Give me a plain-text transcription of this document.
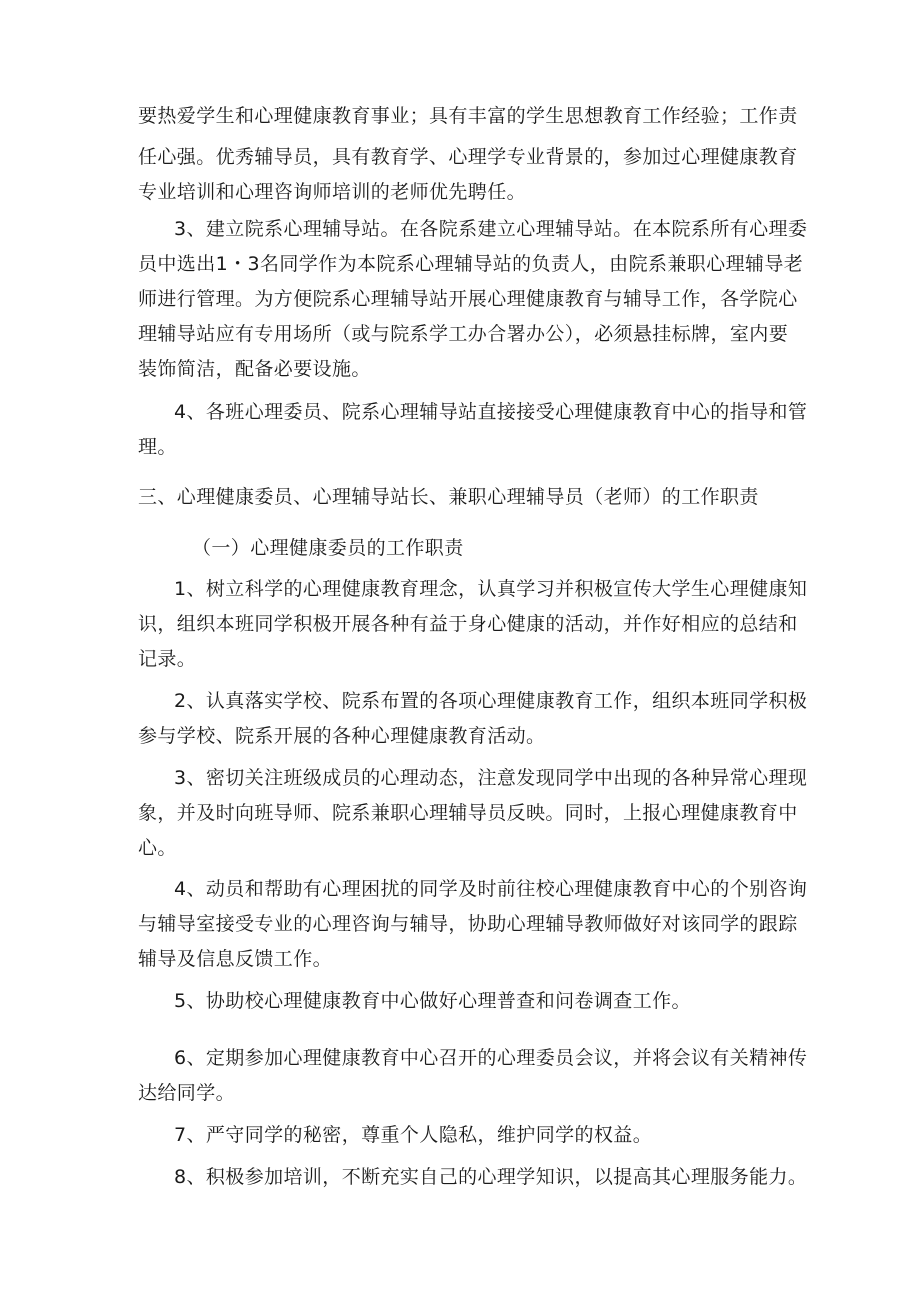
要热爱学生和心理健康教育事业；具有丰富的学生思想教育工作经验；工作责
任心强。优秀辅导员，具有教育学、心理学专业背景的，参加过心理健康教育
专业培训和心理咨询师培训的老师优先聘任。
3、建立院系心理辅导站。在各院系建立心理辅导站。在本院系所有心理委
员中选出1・3名同学作为本院系心理辅导站的负责人，由院系兼职心理辅导老
师进行管理。为方便院系心理辅导站开展心理健康教育与辅导工作，各学院心
理辅导站应有专用场所（或与院系学工办合署办公），必须悬挂标牌，室内要
装饰简洁，配备必要设施。
4、各班心理委员、院系心理辅导站直接接受心理健康教育中心的指导和管
理。
三、心理健康委员、心理辅导站长、兼职心理辅导员（老师）的工作职责
（一）心理健康委员的工作职责
1、树立科学的心理健康教育理念，认真学习并积极宣传大学生心理健康知
识，组织本班同学积极开展各种有益于身心健康的活动，并作好相应的总结和
记录。
2、认真落实学校、院系布置的各项心理健康教育工作，组织本班同学积极
参与学校、院系开展的各种心理健康教育活动。
3、密切关注班级成员的心理动态，注意发现同学中出现的各种异常心理现
象，并及时向班导师、院系兼职心理辅导员反映。同时，上报心理健康教育中
心。
4、动员和帮助有心理困扰的同学及时前往校心理健康教育中心的个别咨询
与辅导室接受专业的心理咨询与辅导，协助心理辅导教师做好对该同学的跟踪
辅导及信息反馈工作。
5、协助校心理健康教育中心做好心理普查和问卷调查工作。
6、定期参加心理健康教育中心召开的心理委员会议，并将会议有关精神传
达给同学。
7、严守同学的秘密，尊重个人隐私，维护同学的权益。
8、积极参加培训，不断充实自己的心理学知识，以提高其心理服务能力。
